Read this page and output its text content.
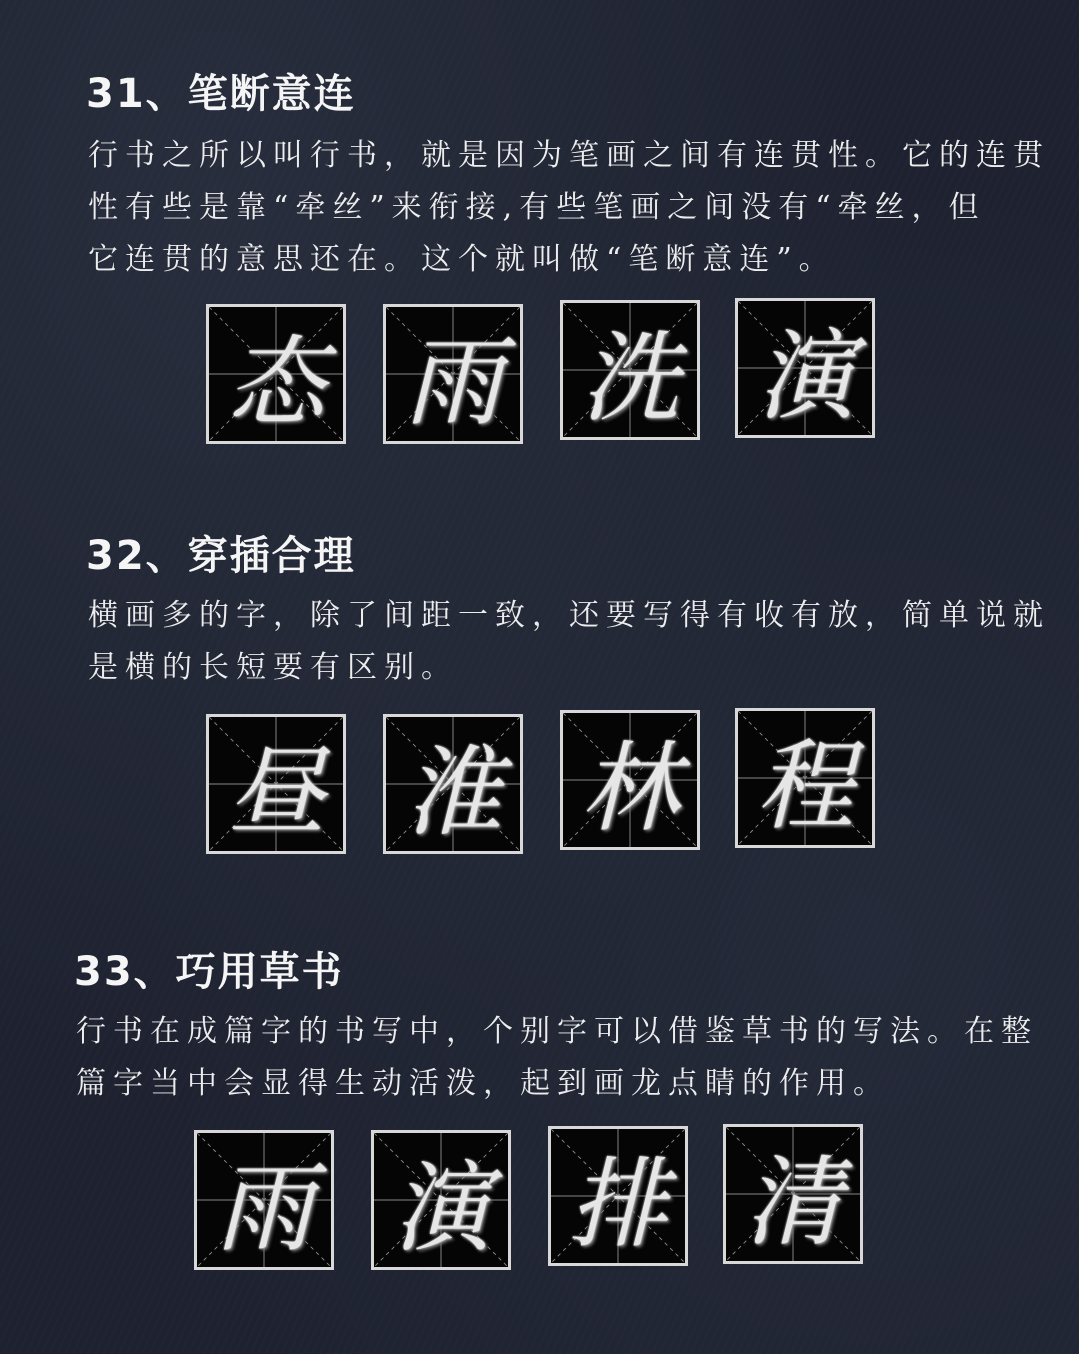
31、笔断意连
行书之所以叫行书，就是因为笔画之间有连贯性。它的连贯
性有些是靠“牵丝”来衔接,有些笔画之间没有“牵丝，但
它连贯的意思还在。这个就叫做“笔断意连”。
态 雨 洗 演
32、穿插合理
横画多的字，除了间距一致，还要写得有收有放，简单说就
是横的长短要有区别。
昼 淮 林 程
33、巧用草书
行书在成篇字的书写中，个别字可以借鉴草书的写法。在整
篇字当中会显得生动活泼，起到画龙点睛的作用。
雨 演 排 清
